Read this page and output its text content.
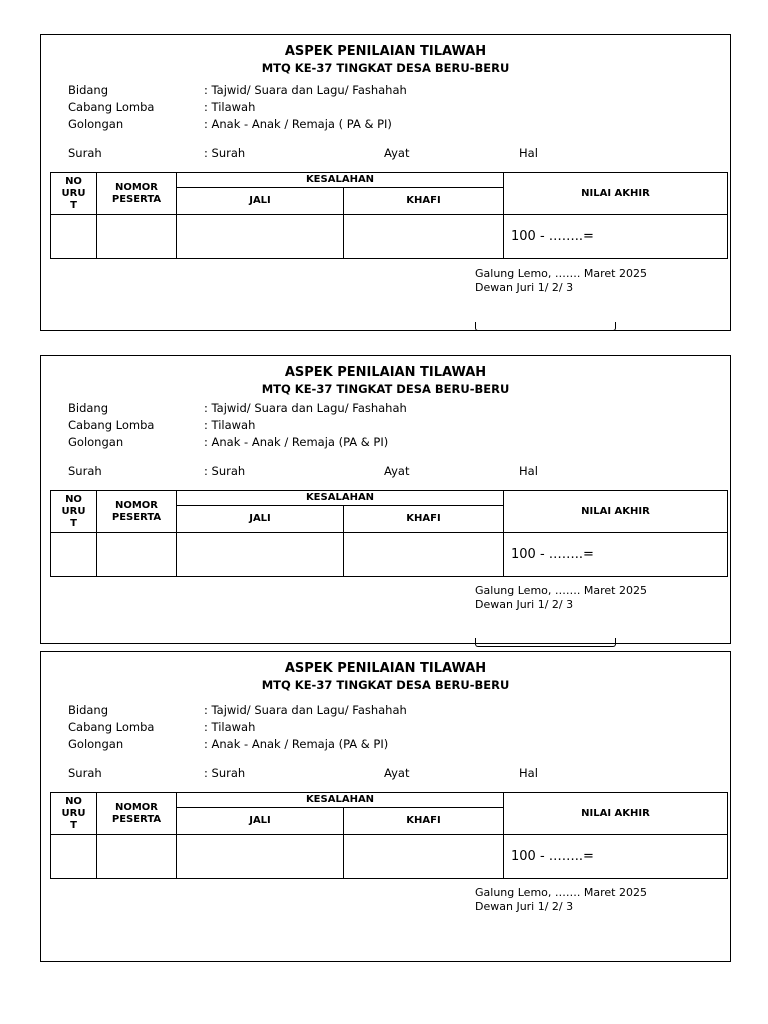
ASPEK PENILAIAN TILAWAH
MTQ KE-37 TINGKAT DESA BERU-BERU
Bidang	: Tajwid/ Suara dan Lagu/ Fashahah
Cabang Lomba	: Tilawah
Golongan	: Anak - Anak / Remaja ( PA & PI)
Surah	: Surah	Ayat	Hal
NO
URU
T	NOMOR
PESERTA	KESALAHAN		NILAI AKHIR
		JALI	KHAFI	
				100 - ……..=
Galung Lemo, ……. Maret 2025
Dewan Juri 1/ 2/ 3
ASPEK PENILAIAN TILAWAH
MTQ KE-37 TINGKAT DESA BERU-BERU
Bidang	: Tajwid/ Suara dan Lagu/ Fashahah
Cabang Lomba	: Tilawah
Golongan	: Anak - Anak / Remaja (PA & PI)
Surah	: Surah	Ayat	Hal
NO
URU
T	NOMOR
PESERTA	KESALAHAN		NILAI AKHIR
		JALI	KHAFI	
				100 - ……..=
Galung Lemo, ……. Maret 2025
Dewan Juri 1/ 2/ 3
ASPEK PENILAIAN TILAWAH
MTQ KE-37 TINGKAT DESA BERU-BERU
Bidang	: Tajwid/ Suara dan Lagu/ Fashahah
Cabang Lomba	: Tilawah
Golongan	: Anak - Anak / Remaja (PA & PI)
Surah	: Surah	Ayat	Hal
NO
URU
T	NOMOR
PESERTA	KESALAHAN		NILAI AKHIR
		JALI	KHAFI	
				100 - ……..=
Galung Lemo, ……. Maret 2025
Dewan Juri 1/ 2/ 3
